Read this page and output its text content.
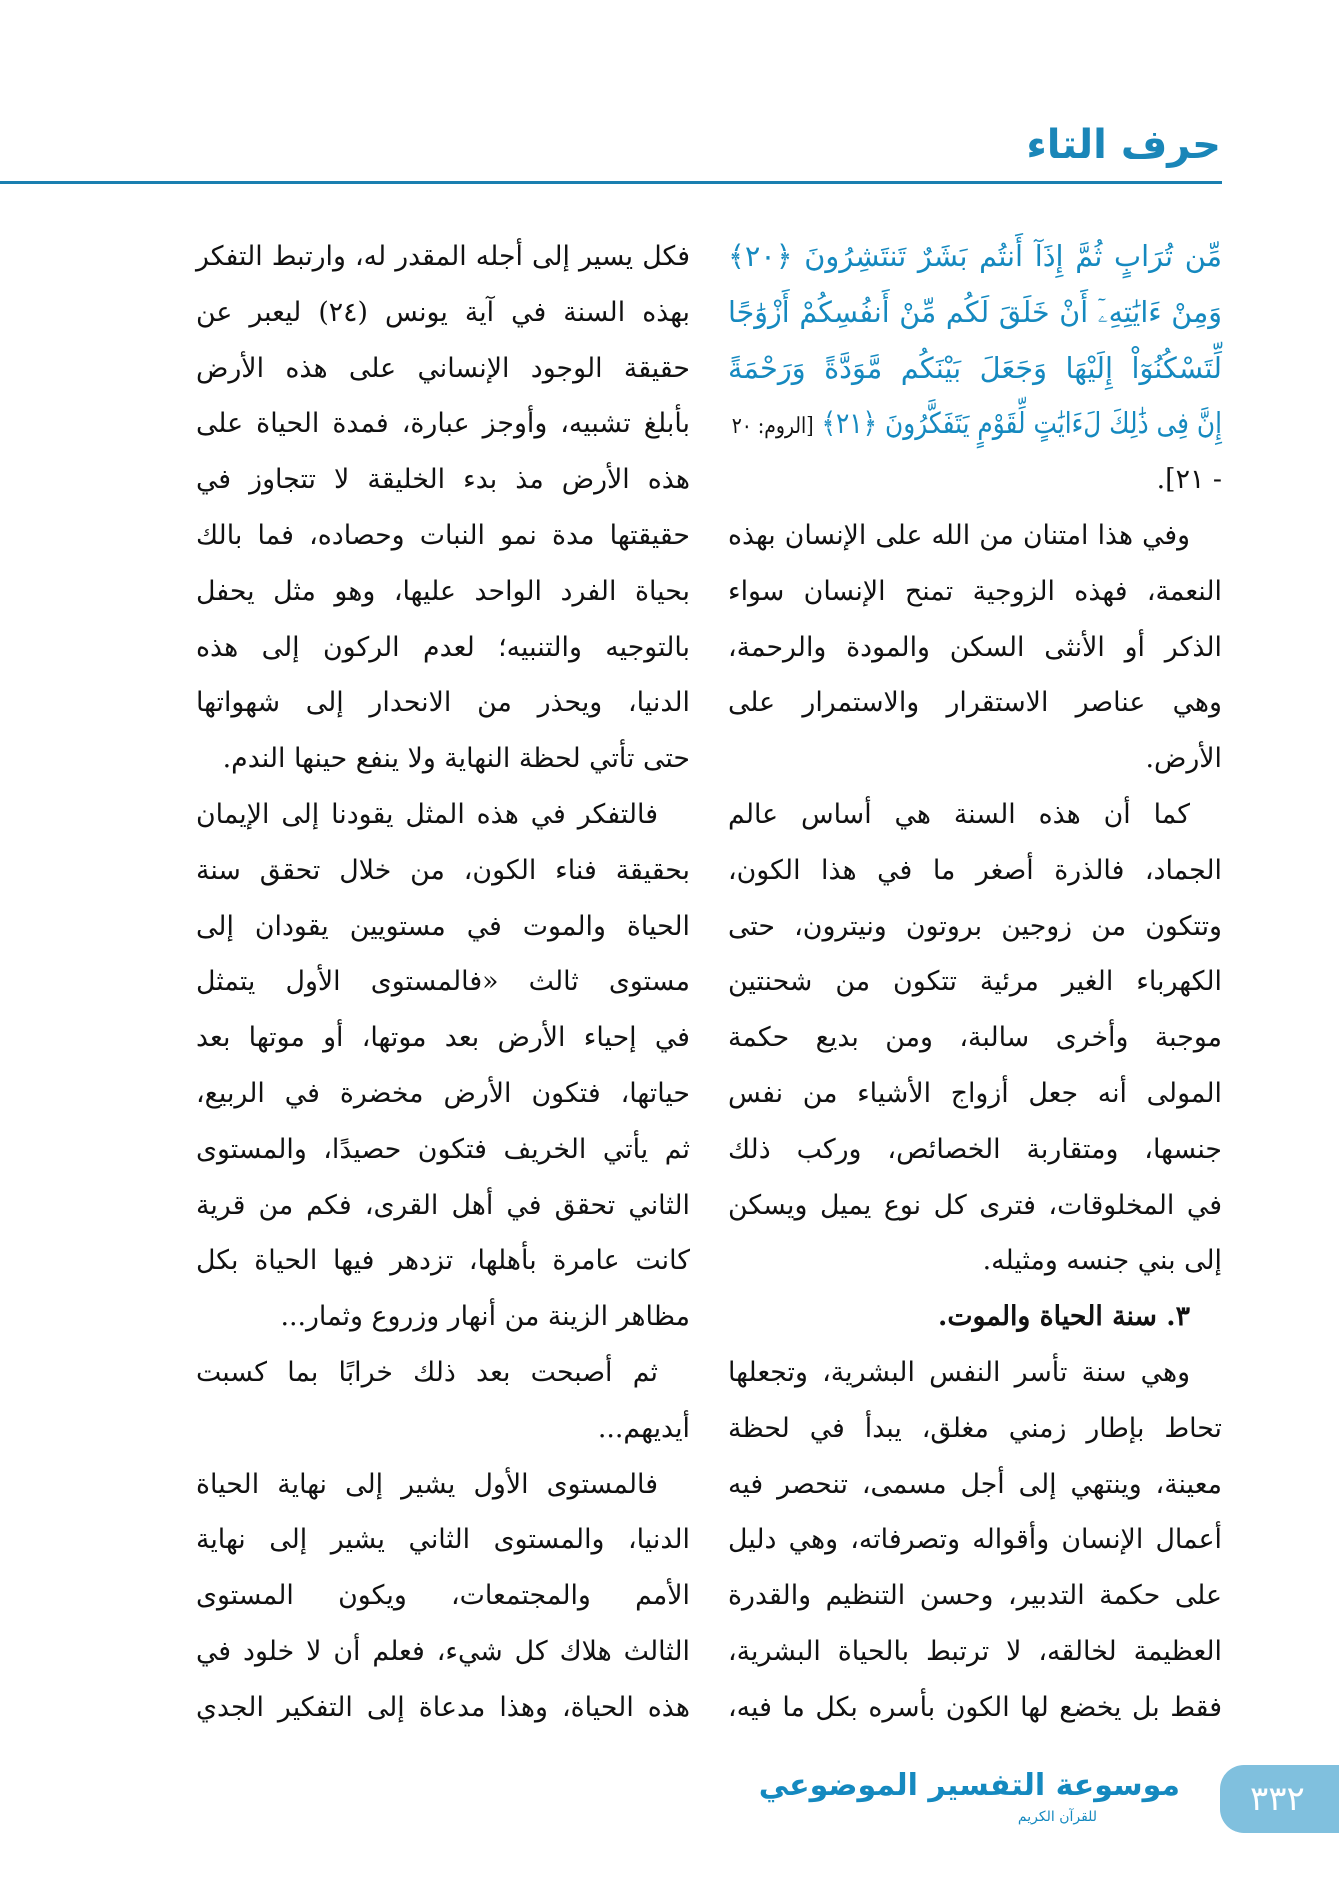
حرف التاء
مِّن تُرَابٍ ثُمَّ إِذَآ أَنتُم بَشَرٌ تَنتَشِرُونَ ﴿٢٠﴾
وَمِنْ ءَايَٰتِهِۦٓ أَنْ خَلَقَ لَكُم مِّنْ أَنفُسِكُمْ أَزْوَٰجًا
لِّتَسْكُنُوٓاْ إِلَيْهَا وَجَعَلَ بَيْنَكُم مَّوَدَّةً وَرَحْمَةً
إِنَّ فِى ذَٰلِكَ لَءَايَٰتٍ لِّقَوْمٍ يَتَفَكَّرُونَ ﴿٢١﴾ [الروم: ٢٠
- ٢١].
وفي هذا امتنان من الله على الإنسان بهذه
النعمة، فهذه الزوجية تمنح الإنسان سواء
الذكر أو الأنثى السكن والمودة والرحمة،
وهي عناصر الاستقرار والاستمرار على
الأرض.
كما أن هذه السنة هي أساس عالم
الجماد، فالذرة أصغر ما في هذا الكون،
وتتكون من زوجين بروتون ونيترون، حتى
الكهرباء الغير مرئية تتكون من شحنتين
موجبة وأخرى سالبة، ومن بديع حكمة
المولى أنه جعل أزواج الأشياء من نفس
جنسها، ومتقاربة الخصائص، وركب ذلك
في المخلوقات، فترى كل نوع يميل ويسكن
إلى بني جنسه ومثيله.
٣. سنة الحياة والموت.
وهي سنة تأسر النفس البشرية، وتجعلها
تحاط بإطار زمني مغلق، يبدأ في لحظة
معينة، وينتهي إلى أجل مسمى، تنحصر فيه
أعمال الإنسان وأقواله وتصرفاته، وهي دليل
على حكمة التدبير، وحسن التنظيم والقدرة
العظيمة لخالقه، لا ترتبط بالحياة البشرية،
فقط بل يخضع لها الكون بأسره بكل ما فيه،
فكل يسير إلى أجله المقدر له، وارتبط التفكر
بهذه السنة في آية يونس (٢٤) ليعبر عن
حقيقة الوجود الإنساني على هذه الأرض
بأبلغ تشبيه، وأوجز عبارة، فمدة الحياة على
هذه الأرض مذ بدء الخليقة لا تتجاوز في
حقيقتها مدة نمو النبات وحصاده، فما بالك
بحياة الفرد الواحد عليها، وهو مثل يحفل
بالتوجيه والتنبيه؛ لعدم الركون إلى هذه
الدنيا، ويحذر من الانحدار إلى شهواتها
حتى تأتي لحظة النهاية ولا ينفع حينها الندم.
فالتفكر في هذه المثل يقودنا إلى الإيمان
بحقيقة فناء الكون، من خلال تحقق سنة
الحياة والموت في مستويين يقودان إلى
مستوى ثالث «فالمستوى الأول يتمثل
في إحياء الأرض بعد موتها، أو موتها بعد
حياتها، فتكون الأرض مخضرة في الربيع،
ثم يأتي الخريف فتكون حصيدًا، والمستوى
الثاني تحقق في أهل القرى، فكم من قرية
كانت عامرة بأهلها، تزدهر فيها الحياة بكل
مظاهر الزينة من أنهار وزروع وثمار...
ثم أصبحت بعد ذلك خرابًا بما كسبت
أيديهم...
فالمستوى الأول يشير إلى نهاية الحياة
الدنيا، والمستوى الثاني يشير إلى نهاية
الأمم والمجتمعات، ويكون المستوى
الثالث هلاك كل شيء، فعلم أن لا خلود في
هذه الحياة، وهذا مدعاة إلى التفكير الجدي
موسوعة التفسير الموضوعي
للقرآن الكريم	٣٣٢
